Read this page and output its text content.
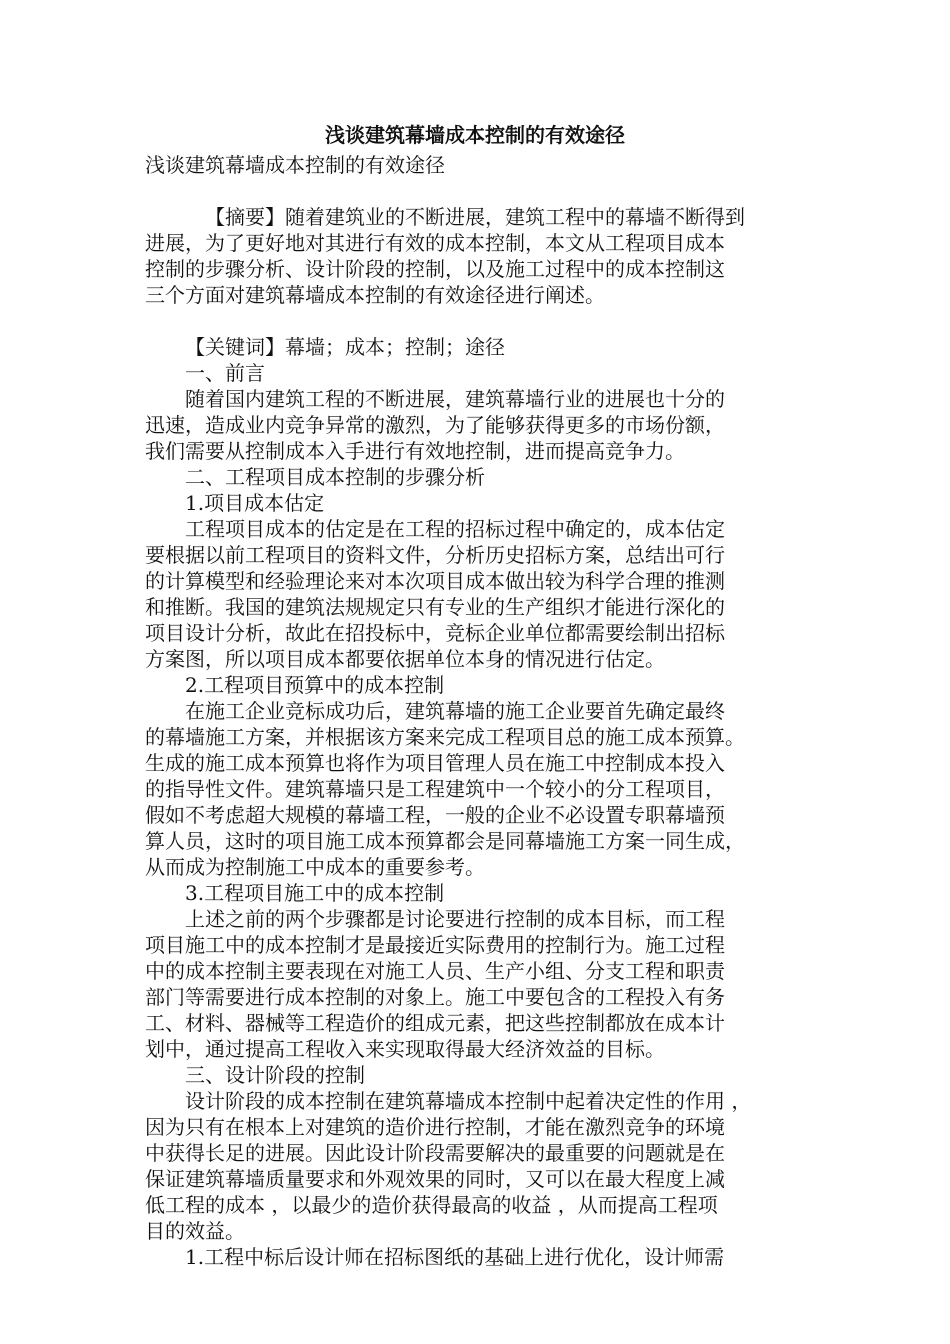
浅谈建筑幕墙成本控制的有效途径

浅谈建筑幕墙成本控制的有效途径

【摘要】随着建筑业的不断进展，建筑工程中的幕墙不断得到
进展，为了更好地对其进行有效的成本控制，本文从工程项目成本
控制的步骤分析、设计阶段的控制，以及施工过程中的成本控制这
三个方面对建筑幕墙成本控制的有效途径进行阐述。
【关键词】幕墙；成本；控制；途径
一、前言
随着国内建筑工程的不断进展，建筑幕墙行业的进展也十分的
迅速，造成业内竞争异常的激烈，为了能够获得更多的市场份额，
我们需要从控制成本入手进行有效地控制，进而提高竞争力。
二、工程项目成本控制的步骤分析
1.项目成本估定
工程项目成本的估定是在工程的招标过程中确定的，成本估定
要根据以前工程项目的资料文件，分析历史招标方案，总结出可行
的计算模型和经验理论来对本次项目成本做出较为科学合理的推测
和推断。我国的建筑法规规定只有专业的生产组织才能进行深化的
项目设计分析，故此在招投标中，竞标企业单位都需要绘制出招标
方案图，所以项目成本都要依据单位本身的情况进行估定。
2.工程项目预算中的成本控制
在施工企业竞标成功后，建筑幕墙的施工企业要首先确定最终
的幕墙施工方案，并根据该方案来完成工程项目总的施工成本预算。
生成的施工成本预算也将作为项目管理人员在施工中控制成本投入
的指导性文件。建筑幕墙只是工程建筑中一个较小的分工程项目，
假如不考虑超大规模的幕墙工程，一般的企业不必设置专职幕墙预
算人员，这时的项目施工成本预算都会是同幕墙施工方案一同生成，
从而成为控制施工中成本的重要参考。
3.工程项目施工中的成本控制
上述之前的两个步骤都是讨论要进行控制的成本目标，而工程
项目施工中的成本控制才是最接近实际费用的控制行为。施工过程
中的成本控制主要表现在对施工人员、生产小组、分支工程和职责
部门等需要进行成本控制的对象上。施工中要包含的工程投入有务
工、材料、器械等工程造价的组成元素，把这些控制都放在成本计
划中，通过提高工程收入来实现取得最大经济效益的目标。
三、设计阶段的控制
设计阶段的成本控制在建筑幕墙成本控制中起着决定性的作用 ，
因为只有在根本上对建筑的造价进行控制，才能在激烈竞争的环境
中获得长足的进展。因此设计阶段需要解决的最重要的问题就是在
保证建筑幕墙质量要求和外观效果的同时，又可以在最大程度上减
低工程的成本 ，以最少的造价获得最高的收益 ，从而提高工程项
目的效益。
1.工程中标后设计师在招标图纸的基础上进行优化，设计师需
